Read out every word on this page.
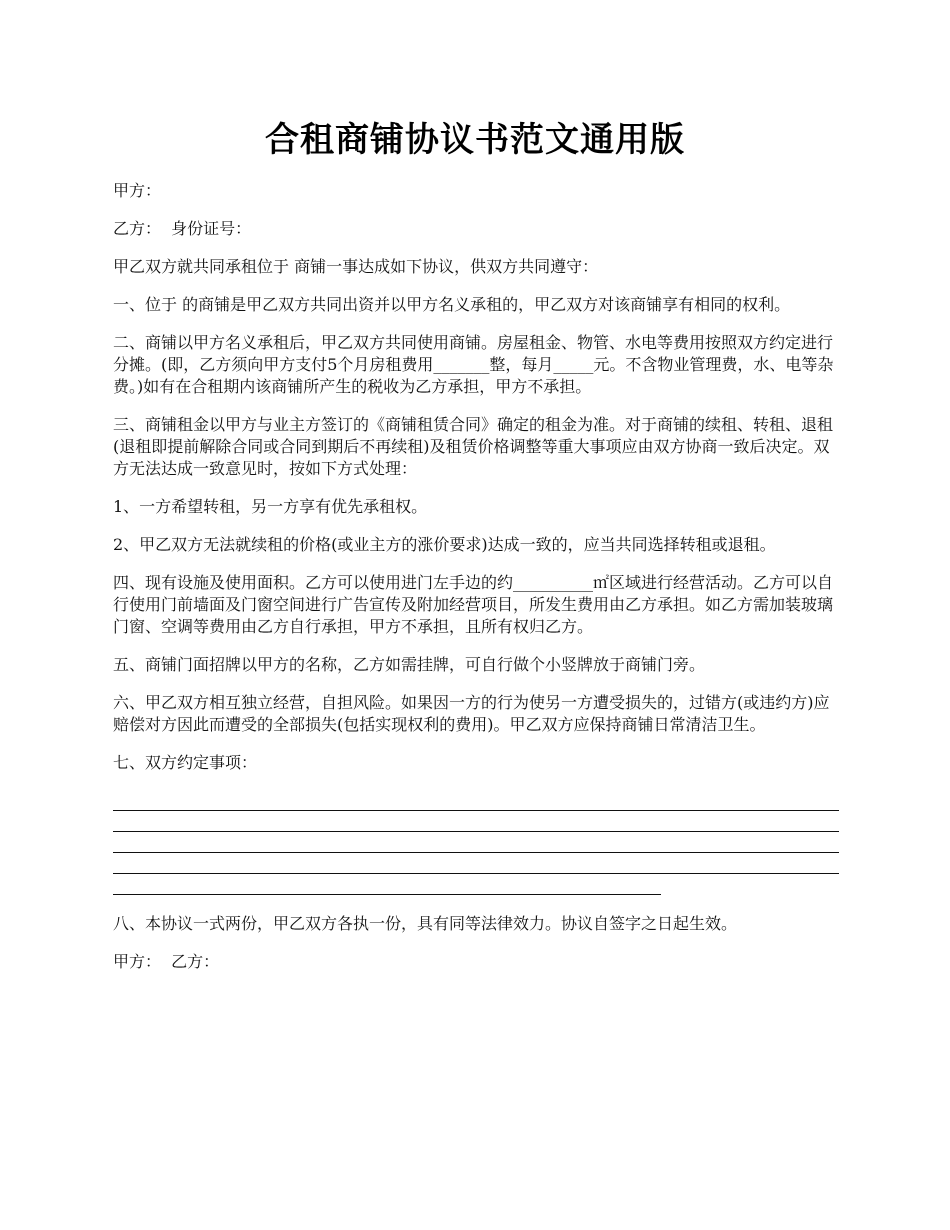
合租商铺协议书范文通用版

甲方：

乙方：  身份证号：

甲乙双方就共同承租位于 商铺一事达成如下协议，供双方共同遵守：

一、位于 的商铺是甲乙双方共同出资并以甲方名义承租的，甲乙双方对该商铺享有相同的权利。

二、商铺以甲方名义承租后，甲乙双方共同使用商铺。房屋租金、物管、水电等费用按照双方约定进行分摊。(即，乙方须向甲方支付5个月房租费用_______整，每月_____元。不含物业管理费，水、电等杂费。)如有在合租期内该商铺所产生的税收为乙方承担，甲方不承担。

三、商铺租金以甲方与业主方签订的《商铺租赁合同》确定的租金为准。对于商铺的续租、转租、退租(退租即提前解除合同或合同到期后不再续租)及租赁价格调整等重大事项应由双方协商一致后决定。双方无法达成一致意见时，按如下方式处理：

1、一方希望转租，另一方享有优先承租权。

2、甲乙双方无法就续租的价格(或业主方的涨价要求)达成一致的，应当共同选择转租或退租。

四、现有设施及使用面积。乙方可以使用进门左手边的约__________㎡区域进行经营活动。乙方可以自行使用门前墙面及门窗空间进行广告宣传及附加经营项目，所发生费用由乙方承担。如乙方需加装玻璃门窗、空调等费用由乙方自行承担，甲方不承担，且所有权归乙方。

五、商铺门面招牌以甲方的名称，乙方如需挂牌，可自行做个小竖牌放于商铺门旁。

六、甲乙双方相互独立经营，自担风险。如果因一方的行为使另一方遭受损失的，过错方(或违约方)应赔偿对方因此而遭受的全部损失(包括实现权利的费用)。甲乙双方应保持商铺日常清洁卫生。

七、双方约定事项：

八、本协议一式两份，甲乙双方各执一份，具有同等法律效力。协议自签字之日起生效。

甲方：  乙方：
